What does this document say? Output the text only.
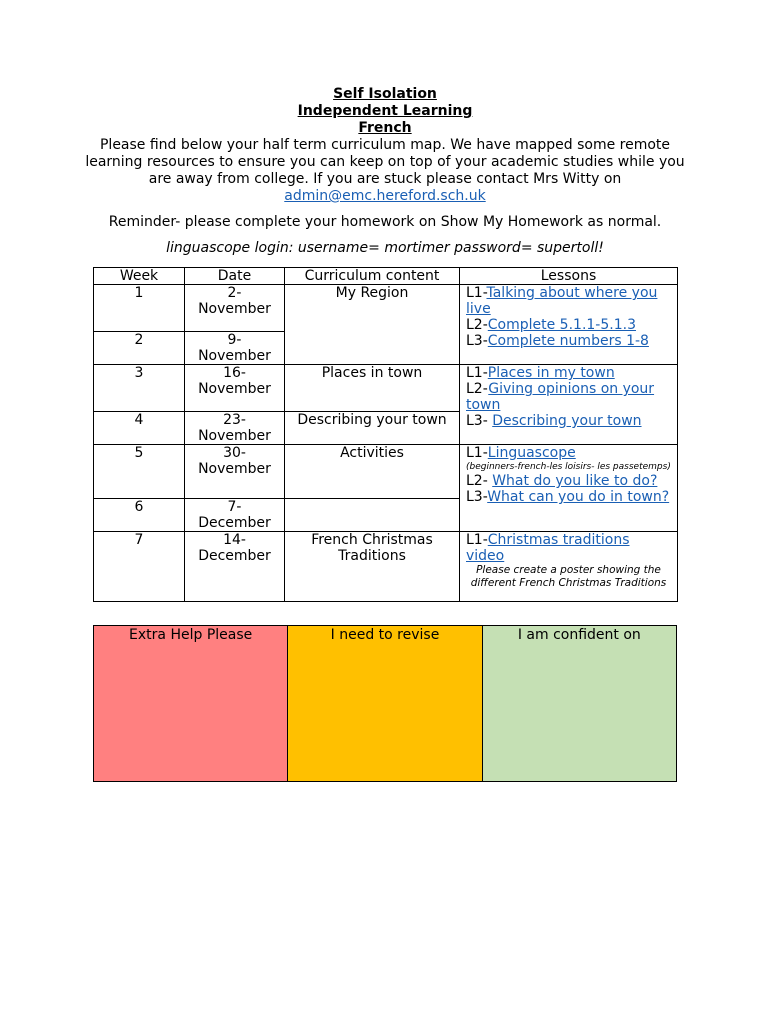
Self Isolation
Independent Learning
French
Please find below your half term curriculum map. We have mapped some remote learning resources to ensure you can keep on top of your academic studies while you are away from college. If you are stuck please contact Mrs Witty on
admin@emc.hereford.sch.uk
Reminder- please complete your homework on Show My Homework as normal.
linguascope login: username= mortimer password= supertoll!
Week	Date	Curriculum content	Lessons
1	2-
November	My Region	L1-Talking about where you live
L2-Complete 5.1.1-5.1.3
L3-Complete numbers 1-8

2	9-
November		
3	16-
November	Places in town	L1-Places in my town
L2-Giving opinions on your town
L3- Describing your town

4	23-
November	Describing your town	
5	30-
November	Activities	L1-Linguascope
(beginners-french-les loisirs- les passetemps)
L2- What do you like to do?
L3-What can you do in town?

6	7-
December		
7	14-
December	French Christmas Traditions	L1-Christmas traditions video
Please create a poster showing the different French Christmas Traditions
Extra Help Please	I need to revise	I am confident on
